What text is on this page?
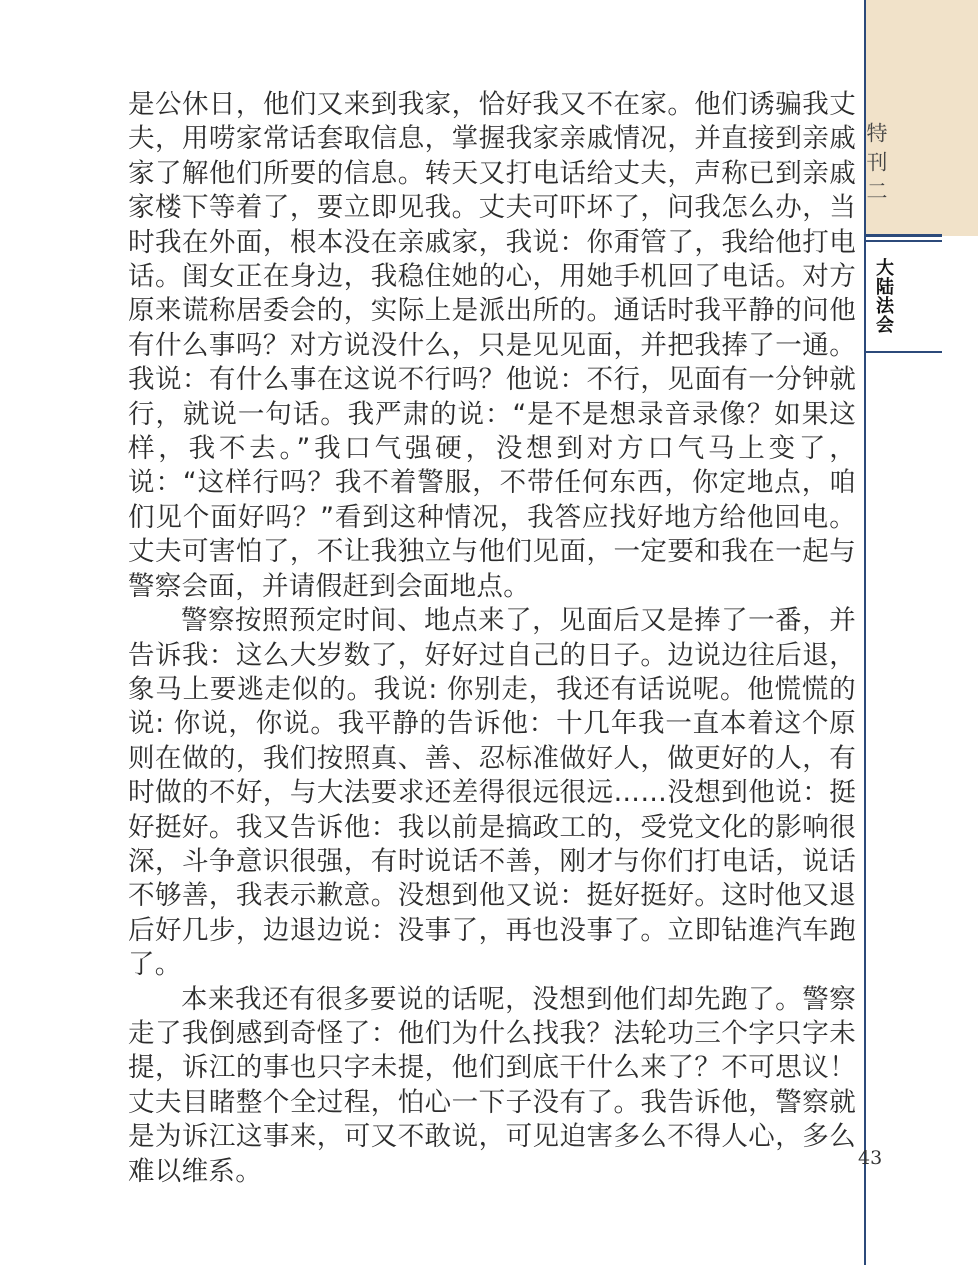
特刊二
大陆法会

是公休日，他们又来到我家，恰好我又不在家。他们诱骗我丈夫，用唠家常话套取信息，掌握我家亲戚情况，并直接到亲戚家了解他们所要的信息。转天又打电话给丈夫，声称已到亲戚家楼下等着了，要立即见我。丈夫可吓坏了，问我怎么办，当时我在外面，根本没在亲戚家，我说：你甭管了，我给他打电话。闺女正在身边，我稳住她的心，用她手机回了电话。对方原来谎称居委会的，实际上是派出所的。通话时我平静的问他有什么事吗？对方说没什么，只是见见面，并把我捧了一通。我说：有什么事在这说不行吗？他说：不行，见面有一分钟就行，就说一句话。我严肃的说：“是不是想录音录像？如果这样，我不去。”我口气强硬，没想到对方口气马上变了，说：“这样行吗？我不着警服，不带任何东西，你定地点，咱们见个面好吗？”看到这种情况，我答应找好地方给他回电。丈夫可害怕了，不让我独立与他们见面，一定要和我在一起与警察会面，并请假赶到会面地点。

警察按照预定时间、地点来了，见面后又是捧了一番，并告诉我：这么大岁数了，好好过自己的日子。边说边往后退，象马上要逃走似的。我说: 你别走，我还有话说呢。他慌慌的说: 你说，你说。我平静的告诉他：十几年我一直本着这个原则在做的，我们按照真、善、忍标准做好人，做更好的人，有时做的不好，与大法要求还差得很远很远……没想到他说：挺好挺好。我又告诉他：我以前是搞政工的，受党文化的影响很深，斗争意识很强，有时说话不善，刚才与你们打电话，说话不够善，我表示歉意。没想到他又说：挺好挺好。这时他又退后好几步，边退边说：没事了，再也没事了。立即钻進汽车跑了。

本来我还有很多要说的话呢，没想到他们却先跑了。警察走了我倒感到奇怪了：他们为什么找我？法轮功三个字只字未提，诉江的事也只字未提，他们到底干什么来了？不可思议！丈夫目睹整个全过程，怕心一下子没有了。我告诉他，警察就是为诉江这事来，可又不敢说，可见迫害多么不得人心，多么难以维系。	43
